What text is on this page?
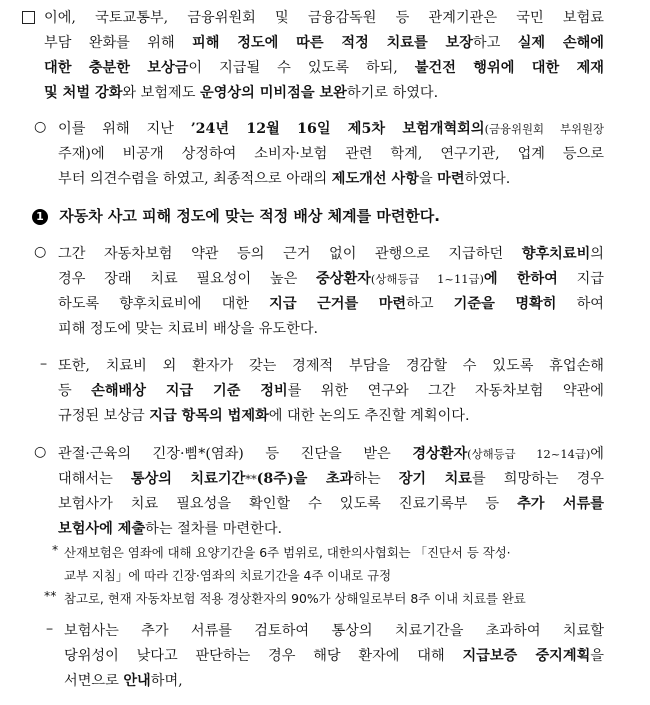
이에, 국토교통부, 금융위원회 및 금융감독원 등 관계기관은 국민 보험료
부담 완화를 위해 피해 정도에 따른 적정 치료를 보장하고 실제 손해에
대한 충분한 보상금이 지급될 수 있도록 하되, 불건전 행위에 대한 제재
및 처벌 강화와 보험제도 운영상의 미비점을 보완하기로 하였다.
○ 이를 위해 지난 ’24년 12월 16일 제5차 보험개혁회의(금융위원회 부위원장
주재)에 비공개 상정하여 소비자·보험 관련 학계, 연구기관, 업계 등으로
부터 의견수렴을 하였고, 최종적으로 아래의 제도개선 사항을 마련하였다.
1 자동차 사고 피해 정도에 맞는 적정 배상 체계를 마련한다.
○ 그간 자동차보험 약관 등의 근거 없이 관행으로 지급하던 향후치료비의
경우 장래 치료 필요성이 높은 중상환자(상해등급 1~11급)에 한하여 지급
하도록 향후치료비에 대한 지급 근거를 마련하고 기준을 명확히 하여
피해 정도에 맞는 치료비 배상을 유도한다.
– 또한, 치료비 외 환자가 갖는 경제적 부담을 경감할 수 있도록 휴업손해
등 손해배상 지급 기준 정비를 위한 연구와 그간 자동차보험 약관에
규정된 보상금 지급 항목의 법제화에 대한 논의도 추진할 계획이다.
○ 관절·근육의 긴장·삠*(염좌) 등 진단을 받은 경상환자(상해등급 12~14급)에
대해서는 통상의 치료기간**(8주)을 초과하는 장기 치료를 희망하는 경우
보험사가 치료 필요성을 확인할 수 있도록 진료기록부 등 추가 서류를
보험사에 제출하는 절차를 마련한다.
* 산재보험은 염좌에 대해 요양기간을 6주 범위로, 대한의사협회는 「진단서 등 작성·
교부 지침」에 따라 긴장·염좌의 치료기간을 4주 이내로 규정
** 참고로, 현재 자동차보험 적용 경상환자의 90%가 상해일로부터 8주 이내 치료를 완료
– 보험사는 추가 서류를 검토하여 통상의 치료기간을 초과하여 치료할
당위성이 낮다고 판단하는 경우 해당 환자에 대해 지급보증 중지계획을
서면으로 안내하며,
